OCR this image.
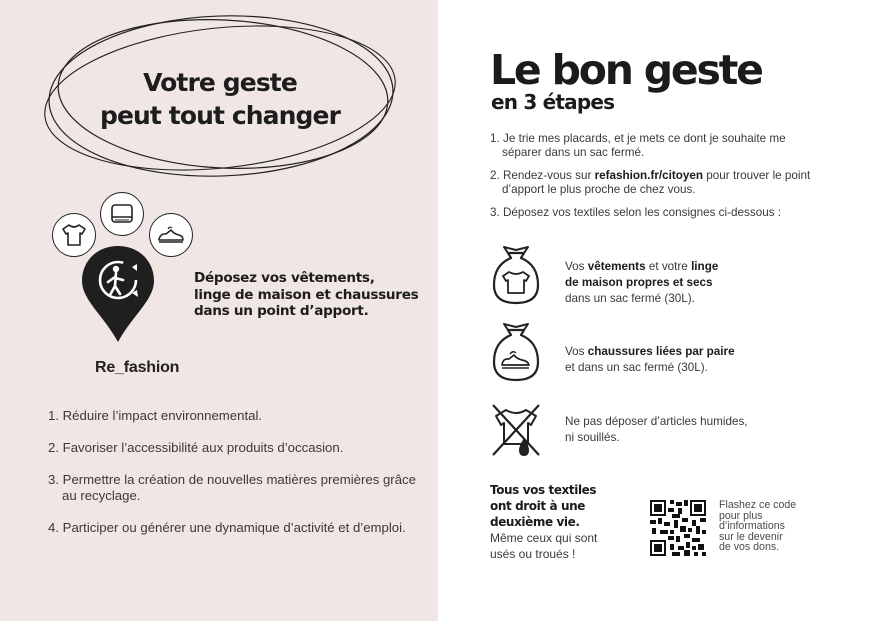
Votre geste
peut tout changer
Re_fashion
Déposez vos vêtements,
linge de maison et chaussures
dans un point d’apport.
1. Réduire l’impact environnemental.
2. Favoriser l’accessibilité aux produits d’occasion.
3. Permettre la création de nouvelles matières premières grâce au recyclage.
4. Participer ou générer une dynamique d’activité et d’emploi.
Le bon geste
en 3 étapes
1. Je trie mes placards, et je mets ce dont je souhaite me séparer dans un sac fermé.
2. Rendez-vous sur refashion.fr/citoyen pour trouver le point d’apport le plus proche de chez vous.
3. Déposez vos textiles selon les consignes ci-dessous :
Vos vêtements et votre linge
de maison propres et secs
dans un sac fermé (30L).
Vos chaussures liées par paire
et dans un sac fermé (30L).
Ne pas déposer d’articles humides,
ni souillés.
Tous vos textiles
ont droit à une
deuxième vie.
Même ceux qui sont
usés ou troués !
Flashez ce code
pour plus
d’informations
sur le devenir
de vos dons.
